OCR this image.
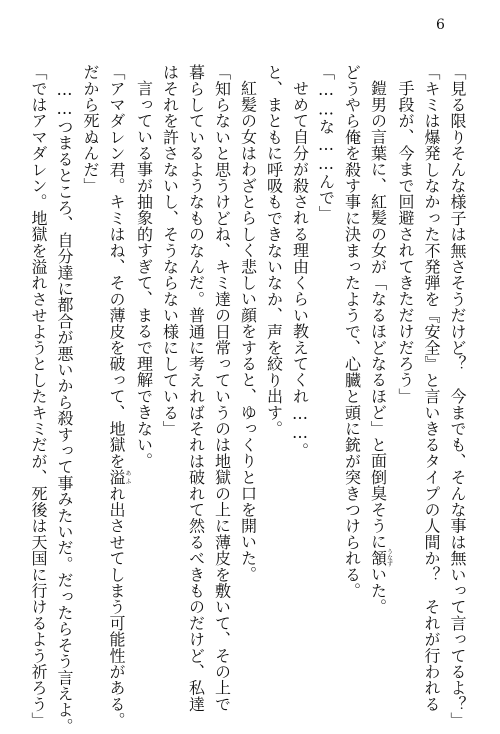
6

「見る限りそんな様子は無さそうだけど？　今までも、そんな事は無いって言ってるよ？」

「キミは爆発しなかった不発弾を『安全』と言いきるタイプの人間か？　それが行われる

手段が、今まで回避されてきただけだろう」

鎧男の言葉に、紅髪の女が「なるほどなるほど」と面倒臭そうに頷うなずいた。

どうやら俺を殺す事に決まったようで、心臓と頭に銃が突きつけられる。

「……な……んで」

せめて自分が殺される理由くらい教えてくれ……。

と、まともに呼吸もできないなか、声を絞り出す。

紅髪の女はわざとらしく悲しい顔をすると、ゆっくりと口を開いた。

「知らないと思うけどね、キミ達の日常っていうのは地獄の上に薄皮を敷いて、その上で

暮らしているようなものなんだ。普通に考えればそれは破れて然るべきものだけど、私達

はそれを許さないし、そうならない様にしている」

言っている事が抽象的すぎて、まるで理解できない。

「アマダレン君。キミはね、その薄皮を破って、地獄を溢あふれ出させてしまう可能性がある。

だから死ぬんだ」

……つまるところ、自分達に都合が悪いから殺すって事みたいだ。だったらそう言えよ。

「ではアマダレン。地獄を溢れさせようとしたキミだが、死後は天国に行けるよう祈ろう」
